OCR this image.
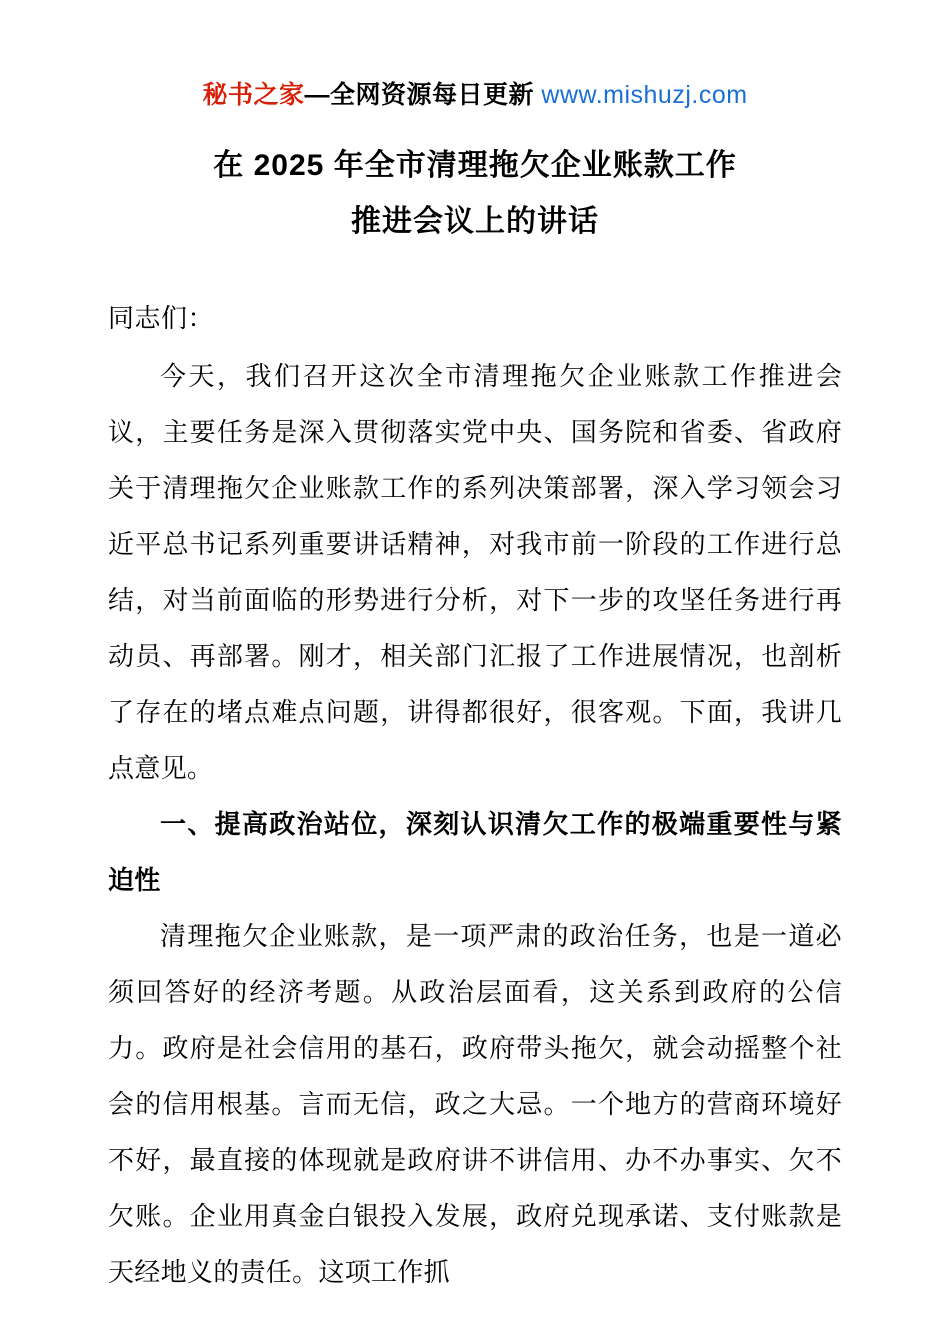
秘书之家—全网资源每日更新 www.mishuzj.com
在 2025 年全市清理拖欠企业账款工作
推进会议上的讲话
同志们：

今天，我们召开这次全市清理拖欠企业账款工作推进会议，主要任务是深入贯彻落实党中央、国务院和省委、省政府关于清理拖欠企业账款工作的系列决策部署，深入学习领会习近平总书记系列重要讲话精神，对我市前一阶段的工作进行总结，对当前面临的形势进行分析，对下一步的攻坚任务进行再动员、再部署。刚才，相关部门汇报了工作进展情况，也剖析了存在的堵点难点问题，讲得都很好，很客观。下面，我讲几点意见。

一、提高政治站位，深刻认识清欠工作的极端重要性与紧迫性

清理拖欠企业账款，是一项严肃的政治任务，也是一道必须回答好的经济考题。从政治层面看，这关系到政府的公信力。政府是社会信用的基石，政府带头拖欠，就会动摇整个社会的信用根基。言而无信，政之大忌。一个地方的营商环境好不好，最直接的体现就是政府讲不讲信用、办不办事实、欠不欠账。企业用真金白银投入发展，政府兑现承诺、支付账款是天经地义的责任。这项工作抓
